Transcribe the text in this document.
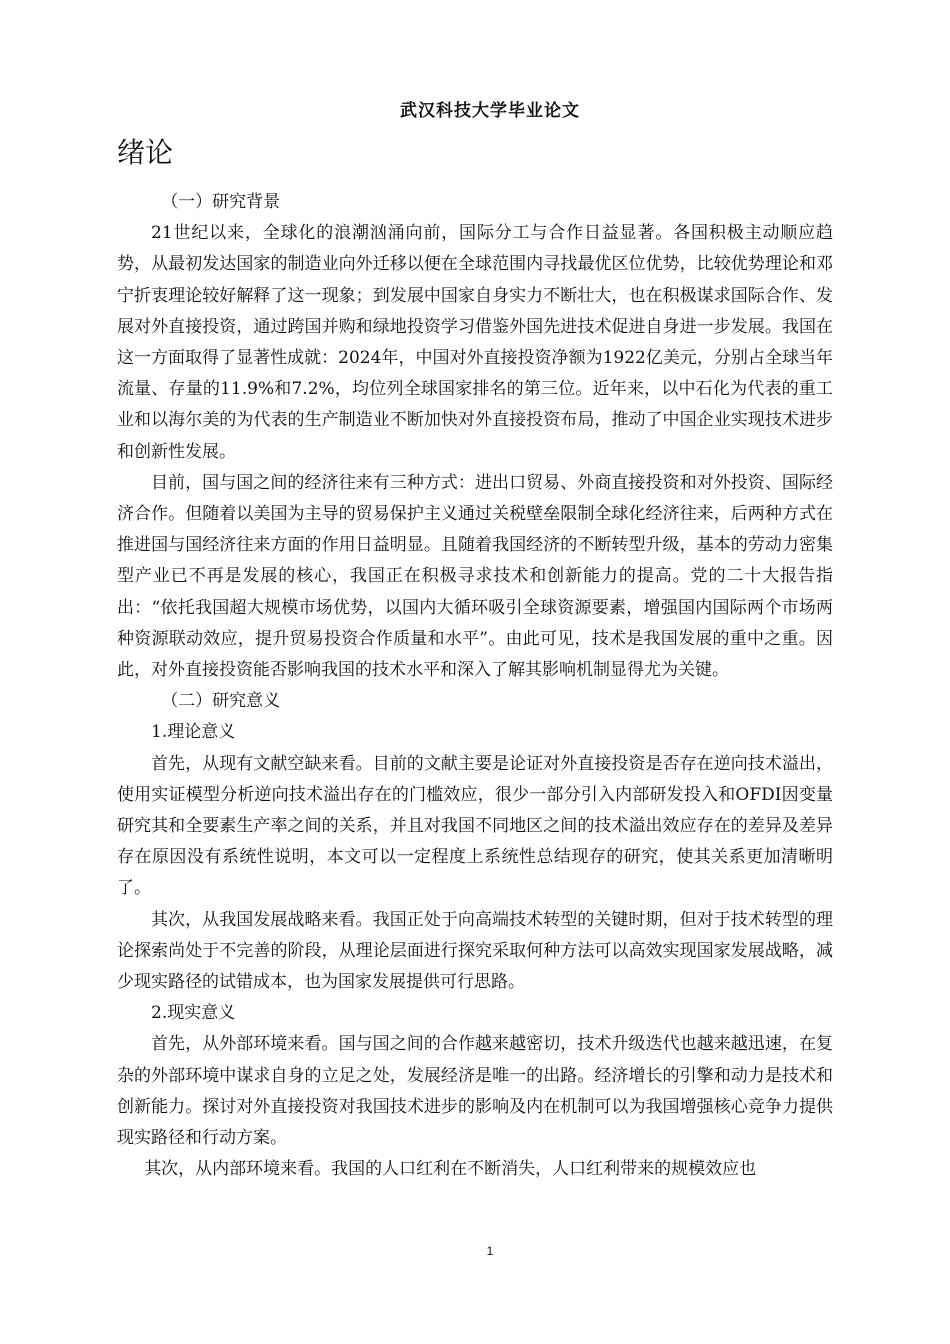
武汉科技大学毕业论文
绪论

（一）研究背景

21世纪以来，全球化的浪潮汹涌向前，国际分工与合作日益显著。各国积极主动顺应趋势，从最初发达国家的制造业向外迁移以便在全球范围内寻找最优区位优势，比较优势理论和邓宁折衷理论较好解释了这一现象；到发展中国家自身实力不断壮大，也在积极谋求国际合作、发展对外直接投资，通过跨国并购和绿地投资学习借鉴外国先进技术促进自身进一步发展。我国在这一方面取得了显著性成就：2024年，中国对外直接投资净额为1922亿美元，分别占全球当年流量、存量的11.9%和7.2%，均位列全球国家排名的第三位。近年来，以中石化为代表的重工业和以海尔美的为代表的生产制造业不断加快对外直接投资布局，推动了中国企业实现技术进步和创新性发展。

目前，国与国之间的经济往来有三种方式：进出口贸易、外商直接投资和对外投资、国际经济合作。但随着以美国为主导的贸易保护主义通过关税壁垒限制全球化经济往来，后两种方式在推进国与国经济往来方面的作用日益明显。且随着我国经济的不断转型升级，基本的劳动力密集型产业已不再是发展的核心，我国正在积极寻求技术和创新能力的提高。党的二十大报告指出：“依托我国超大规模市场优势，以国内大循环吸引全球资源要素，增强国内国际两个市场两种资源联动效应，提升贸易投资合作质量和水平”。由此可见，技术是我国发展的重中之重。因此，对外直接投资能否影响我国的技术水平和深入了解其影响机制显得尤为关键。

（二）研究意义

1.理论意义

首先，从现有文献空缺来看。目前的文献主要是论证对外直接投资是否存在逆向技术溢出，使用实证模型分析逆向技术溢出存在的门槛效应，很少一部分引入内部研发投入和OFDI因变量研究其和全要素生产率之间的关系，并且对我国不同地区之间的技术溢出效应存在的差异及差异存在原因没有系统性说明，本文可以一定程度上系统性总结现存的研究，使其关系更加清晰明了。

其次，从我国发展战略来看。我国正处于向高端技术转型的关键时期，但对于技术转型的理论探索尚处于不完善的阶段，从理论层面进行探究采取何种方法可以高效实现国家发展战略，减少现实路径的试错成本，也为国家发展提供可行思路。

2.现实意义

首先，从外部环境来看。国与国之间的合作越来越密切，技术升级迭代也越来越迅速，在复杂的外部环境中谋求自身的立足之处，发展经济是唯一的出路。经济增长的引擎和动力是技术和创新能力。探讨对外直接投资对我国技术进步的影响及内在机制可以为我国增强核心竞争力提供现实路径和行动方案。

其次，从内部环境来看。我国的人口红利在不断消失，人口红利带来的规模效应也

1
